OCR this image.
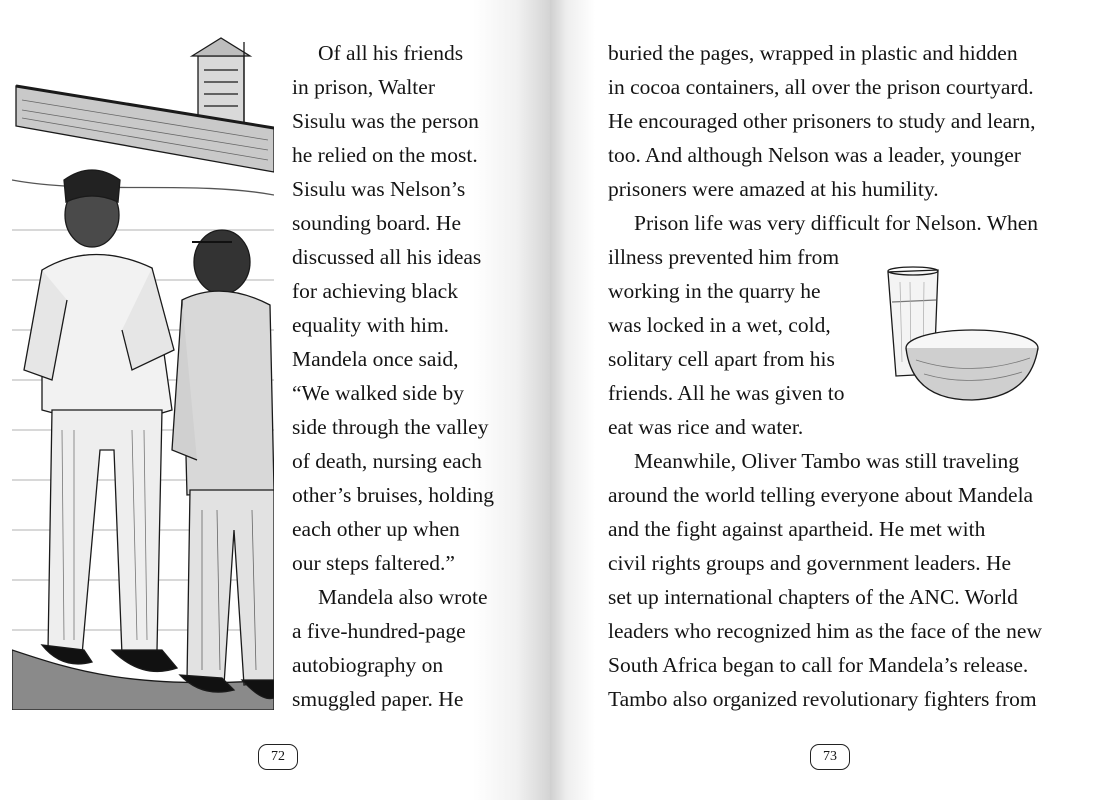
Of all his friends
in prison, Walter
Sisulu was the person
he relied on the most.
Sisulu was Nelson’s
sounding board. He
discussed all his ideas
for achieving black
equality with him.
Mandela once said,
“We walked side by
side through the valley
of death, nursing each
other’s bruises, holding
each other up when
our steps faltered.”
Mandela also wrote
a five-hundred-page
autobiography on
smuggled paper. He
buried the pages, wrapped in plastic and hidden
in cocoa containers, all over the prison courtyard.
He encouraged other prisoners to study and learn,
too. And although Nelson was a leader, younger
prisoners were amazed at his humility.
Prison life was very difficult for Nelson. When
illness prevented him from
working in the quarry he
was locked in a wet, cold,
solitary cell apart from his
friends. All he was given to
eat was rice and water.
Meanwhile, Oliver Tambo was still traveling
around the world telling everyone about Mandela
and the fight against apartheid. He met with
civil rights groups and government leaders. He
set up international chapters of the ANC. World
leaders who recognized him as the face of the new
South Africa began to call for Mandela’s release.
Tambo also organized revolutionary fighters from
72	73
